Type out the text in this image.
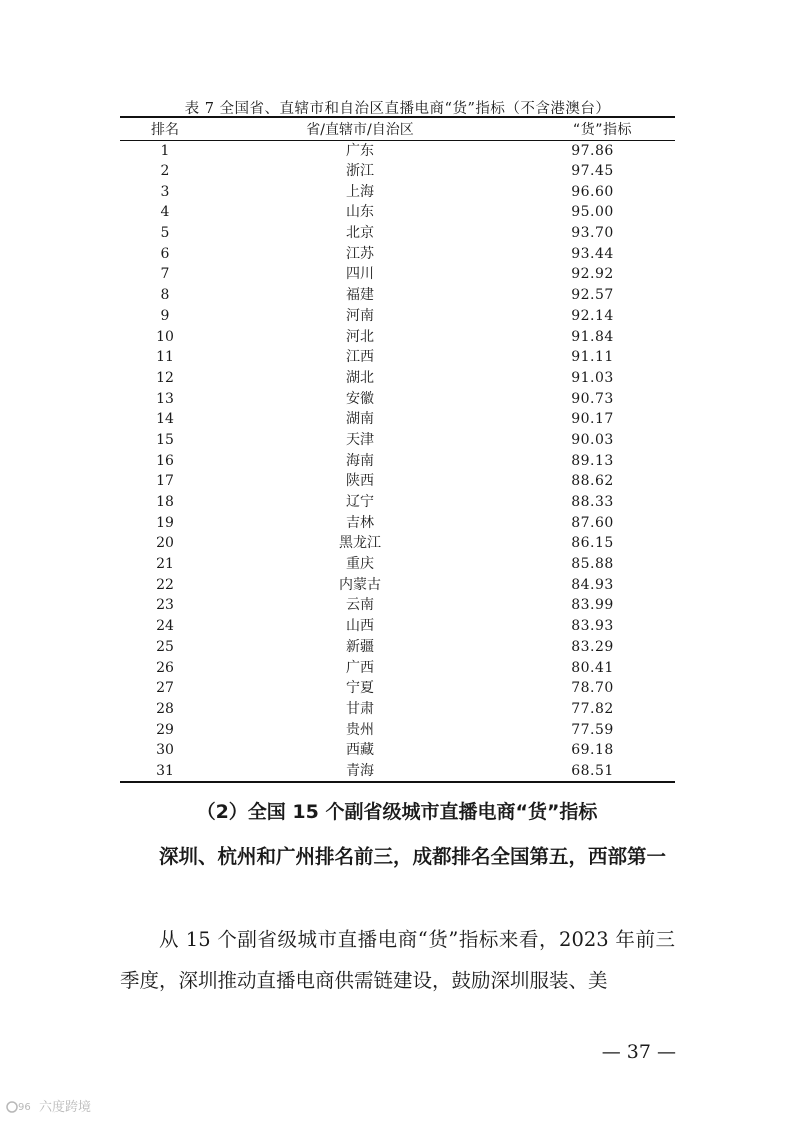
表 7 全国省、直辖市和自治区直播电商“货”指标（不含港澳台）
排名	省/直辖市/自治区	“货”指标
1	广东	97.86
2	浙江	97.45
3	上海	96.60
4	山东	95.00
5	北京	93.70
6	江苏	93.44
7	四川	92.92
8	福建	92.57
9	河南	92.14
10	河北	91.84
11	江西	91.11
12	湖北	91.03
13	安徽	90.73
14	湖南	90.17
15	天津	90.03
16	海南	89.13
17	陕西	88.62
18	辽宁	88.33
19	吉林	87.60
20	黑龙江	86.15
21	重庆	85.88
22	内蒙古	84.93
23	云南	83.99
24	山西	83.93
25	新疆	83.29
26	广西	80.41
27	宁夏	78.70
28	甘肃	77.82
29	贵州	77.59
30	西藏	69.18
31	青海	68.51
（2）全国 15 个副省级城市直播电商“货”指标
深圳、杭州和广州排名前三，成都排名全国第五，西部第一
从 15 个副省级城市直播电商“货”指标来看，2023 年前三季度，深圳推动直播电商供需链建设，鼓励深圳服装、美
— 37 —
96 六度跨境
